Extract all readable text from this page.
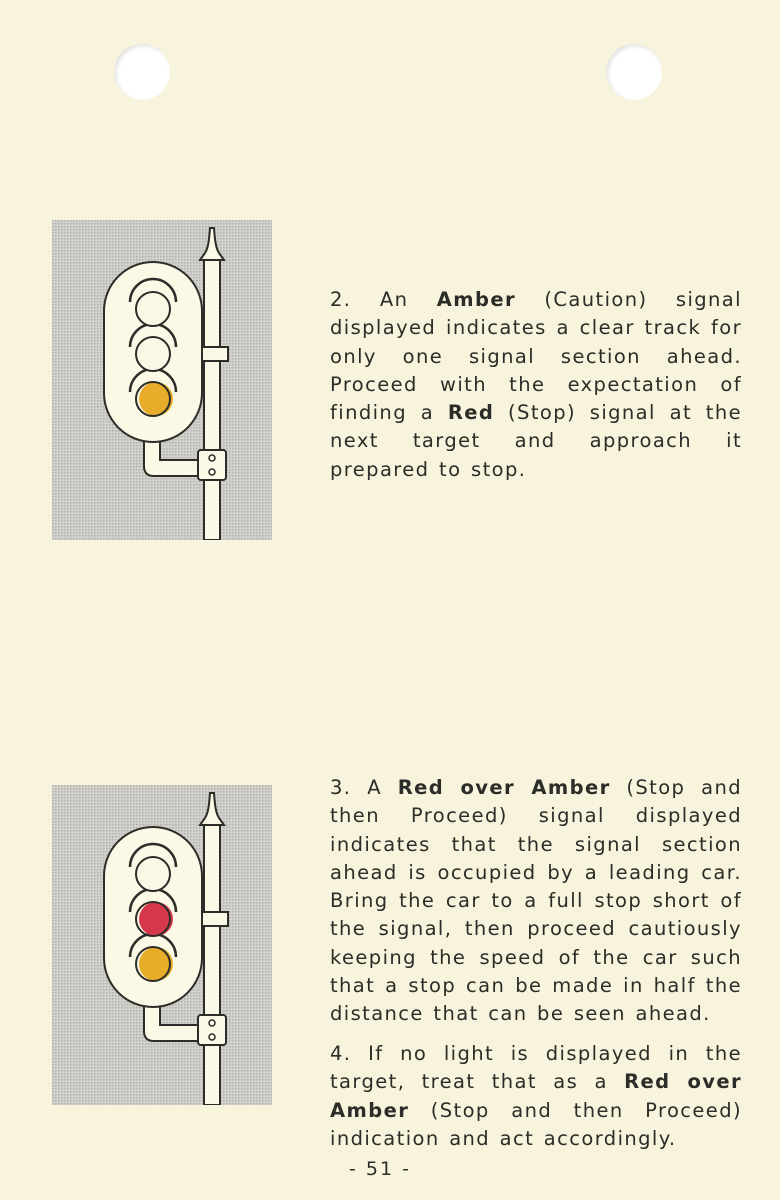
2. An Amber (Caution) signal displayed indicates a clear track for only one signal section ahead. Proceed with the expectation of finding a Red (Stop) signal at the next target and approach it prepared to stop.

3. A Red over Amber (Stop and then Proceed) signal displayed indicates that the signal section ahead is occupied by a leading car. Bring the car to a full stop short of the signal, then proceed cautiously keeping the speed of the car such that a stop can be made in half the distance that can be seen ahead.

4. If no light is displayed in the target, treat that as a Red over Amber (Stop and then Proceed) indication and act accordingly.

- 51 -
